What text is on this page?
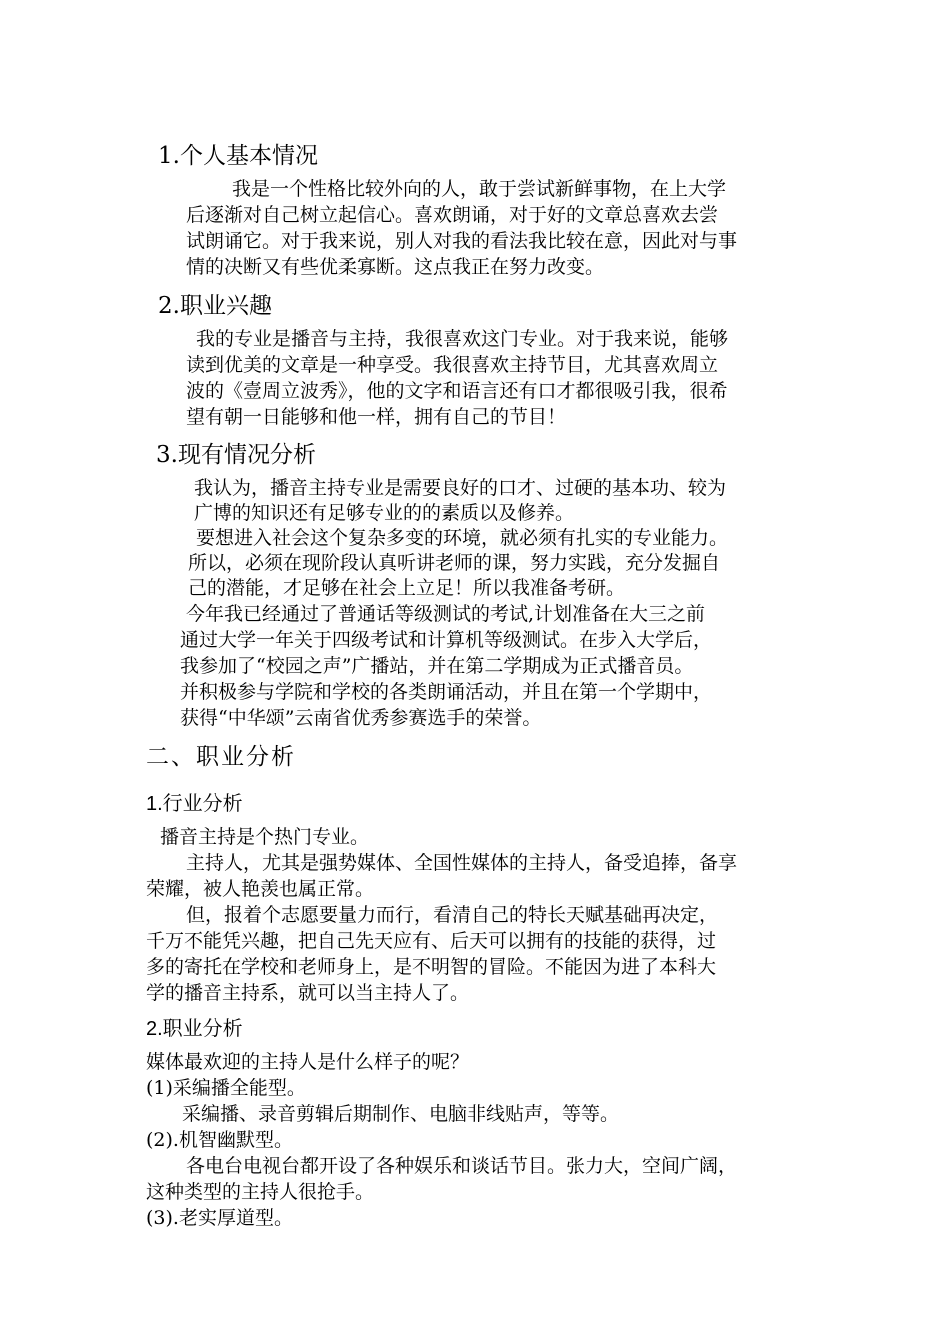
1.个人基本情况
我是一个性格比较外向的人，敢于尝试新鲜事物，在上大学
后逐渐对自己树立起信心。喜欢朗诵，对于好的文章总喜欢去尝
试朗诵它。对于我来说，别人对我的看法我比较在意，因此对与事
情的决断又有些优柔寡断。这点我正在努力改变。
2.职业兴趣
我的专业是播音与主持，我很喜欢这门专业。对于我来说，能够
读到优美的文章是一种享受。我很喜欢主持节目，尤其喜欢周立
波的《壹周立波秀》，他的文字和语言还有口才都很吸引我，很希
望有朝一日能够和他一样，拥有自己的节目！
3.现有情况分析
我认为，播音主持专业是需要良好的口才、过硬的基本功、较为
广博的知识还有足够专业的的素质以及修养。
要想进入社会这个复杂多变的环境，就必须有扎实的专业能力。
所以，必须在现阶段认真听讲老师的课，努力实践，充分发掘自
己的潜能，才足够在社会上立足！所以我准备考研。
今年我已经通过了普通话等级测试的考试,计划准备在大三之前
通过大学一年关于四级考试和计算机等级测试。在步入大学后，
我参加了“校园之声”广播站，并在第二学期成为正式播音员。
并积极参与学院和学校的各类朗诵活动，并且在第一个学期中，
获得“中华颂”云南省优秀参赛选手的荣誉。
二、职业分析
1.行业分析
播音主持是个热门专业。
主持人，尤其是强势媒体、全国性媒体的主持人，备受追捧，备享
荣耀，被人艳羡也属正常。
但，报着个志愿要量力而行，看清自己的特长天赋基础再决定，
千万不能凭兴趣，把自己先天应有、后天可以拥有的技能的获得，过
多的寄托在学校和老师身上，是不明智的冒险。不能因为进了本科大
学的播音主持系，就可以当主持人了。
2.职业分析
媒体最欢迎的主持人是什么样子的呢？
(1)采编播全能型。
采编播、录音剪辑后期制作、电脑非线贴声，等等。
(2).机智幽默型。
各电台电视台都开设了各种娱乐和谈话节目。张力大，空间广阔，
这种类型的主持人很抢手。
(3).老实厚道型。
